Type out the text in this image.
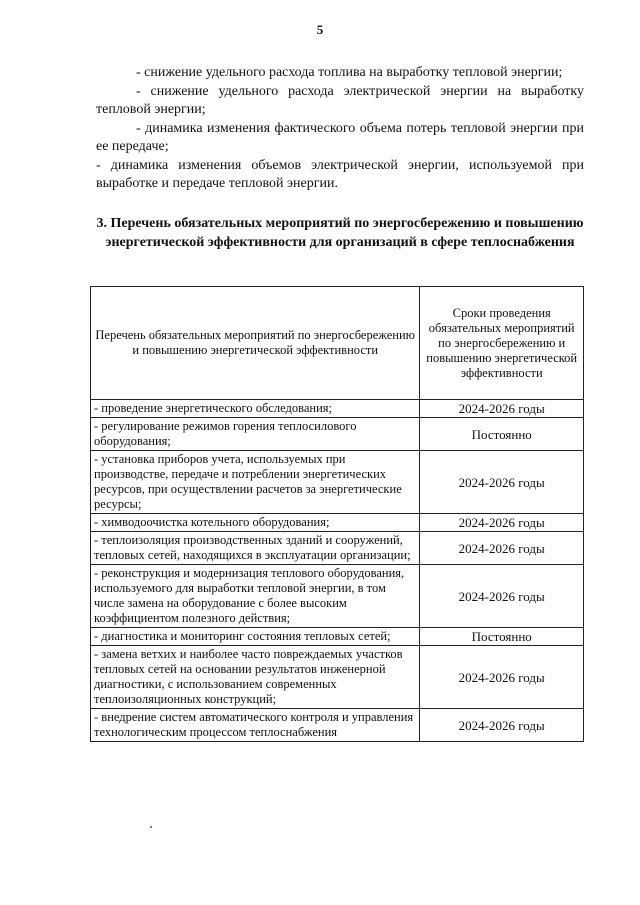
5

- снижение удельного расхода топлива на выработку тепловой энергии;

- снижение удельного расхода электрической энергии на выработку тепловой энергии;

- динамика изменения фактического объема потерь тепловой энергии при ее передаче;

- динамика изменения объемов электрической энергии, используемой при выработке и передаче тепловой энергии.

3. Перечень обязательных мероприятий по энергосбережению и повышению энергетической эффективности для организаций в сфере теплоснабжения
Перечень обязательных мероприятий по энергосбережению и повышению энергетической эффективности	Сроки проведения обязательных мероприятий по энергосбережению и повышению энергетической эффективности
- проведение энергетического обследования;	2024-2026 годы
- регулирование режимов горения теплосилового оборудования;	Постоянно
- установка приборов учета, используемых при производстве, передаче и потреблении энергетических ресурсов, при осуществлении расчетов за энергетические ресурсы;	2024-2026 годы
- химводоочистка котельного оборудования;	2024-2026 годы
- теплоизоляция производственных зданий и сооружений, тепловых сетей, находящихся в эксплуатации организации;	2024-2026 годы
- реконструкция и модернизация теплового оборудования, используемого для выработки тепловой энергии, в том числе замена на оборудование с более высоким коэффициентом полезного действия;	2024-2026 годы
- диагностика и мониторинг состояния тепловых сетей;	Постоянно
- замена ветхих и наиболее часто повреждаемых участков тепловых сетей на основании результатов инженерной диагностики, с использованием современных теплоизоляционных конструкций;	2024-2026 годы
- внедрение систем автоматического контроля и управления технологическим процессом теплоснабжения	2024-2026 годы
